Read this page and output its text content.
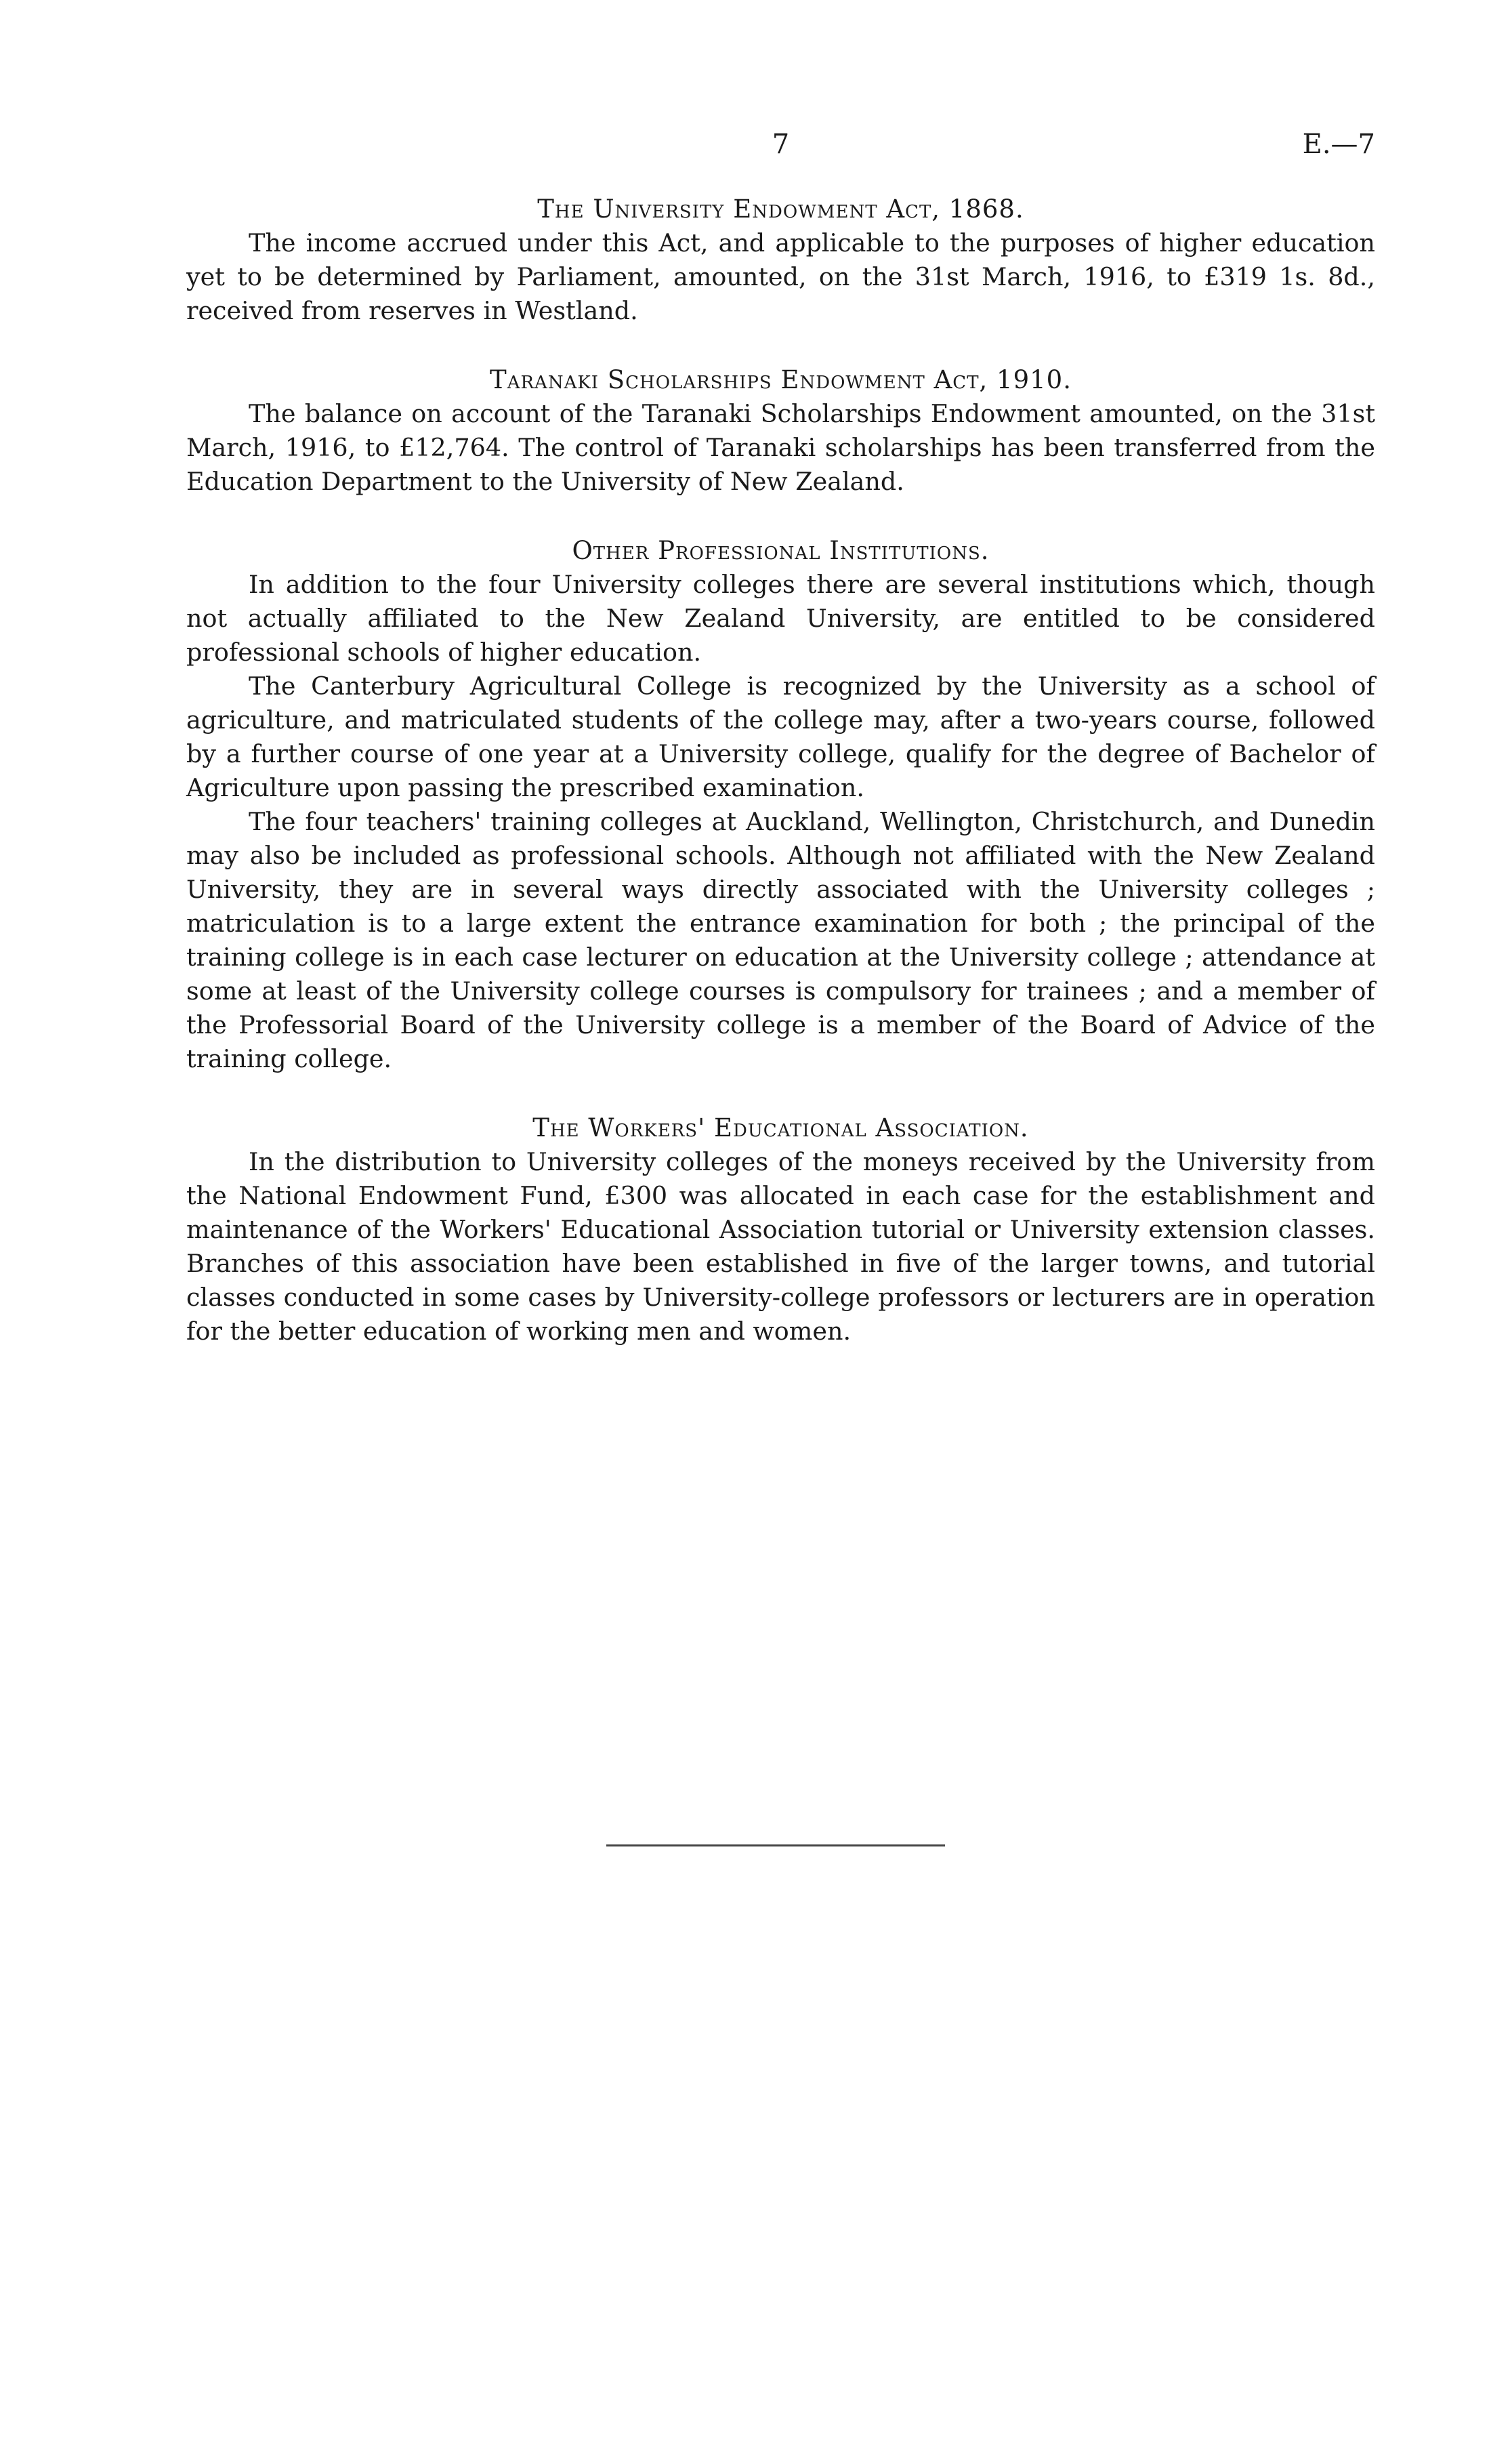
7	E.—7
The University Endowment Act, 1868.

The income accrued under this Act, and applicable to the purposes of higher education yet to be determined by Parliament, amounted, on the 31st March, 1916, to £319 1s. 8d., received from reserves in Westland.

Taranaki Scholarships Endowment Act, 1910.

The balance on account of the Taranaki Scholarships Endowment amounted, on the 31st March, 1916, to £12,764. The control of Taranaki scholarships has been transferred from the Education Department to the University of New Zealand.

Other Professional Institutions.

In addition to the four University colleges there are several institutions which, though not actually affiliated to the New Zealand University, are entitled to be considered professional schools of higher education.

The Canterbury Agricultural College is recognized by the University as a school of agriculture, and matriculated students of the college may, after a two-years course, followed by a further course of one year at a University college, qualify for the degree of Bachelor of Agriculture upon passing the prescribed examination.

The four teachers' training colleges at Auckland, Wellington, Christchurch, and Dunedin may also be included as professional schools. Although not affiliated with the New Zealand University, they are in several ways directly associated with the University colleges ; matriculation is to a large extent the entrance examination for both ; the principal of the training college is in each case lecturer on education at the University college ; attendance at some at least of the University college courses is compulsory for trainees ; and a member of the Professorial Board of the University college is a member of the Board of Advice of the training college.

The Workers' Educational Association.

In the distribution to University colleges of the moneys received by the University from the National Endowment Fund, £300 was allocated in each case for the establishment and maintenance of the Workers' Educational Association tutorial or University extension classes. Branches of this association have been established in five of the larger towns, and tutorial classes conducted in some cases by University-college professors or lecturers are in operation for the better education of working men and women.
